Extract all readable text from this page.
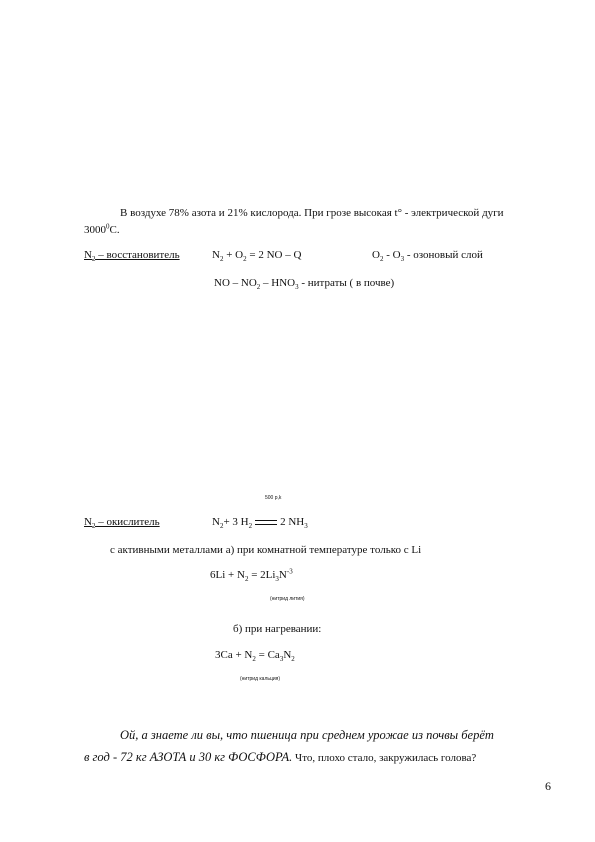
В воздухе 78% азота и 21% кислорода. При грозе высокая t° - электрической дуги
3000$^0$С.
$N_2$ – восстановитель	$N_2 + O_2 = 2$ NO – Q	$O_2 - O_3$ - озоновый слой
NO – $NO_2 - HNO_3$ - нитраты ( в почве)
500 p,k
$N_2$ – окислитель	$N_2+ 3$ $H_2$	2 $NH_3$
с активными металлами а) при комнатной температуре только с Li
$6Li + N_2 = 2Li_3N^{-3}$
(нитрид лития)
б) при нагревании:
$3Ca + N_2 = Ca_3N_2$
(нитрид кальция)
Ой, а знаете ли вы, что пшеница при среднем урожае из почвы берёт
в год - 72 кг АЗОТА и 30 кг ФОСФОРА. Что, плохо стало, закружилась голова?
6
